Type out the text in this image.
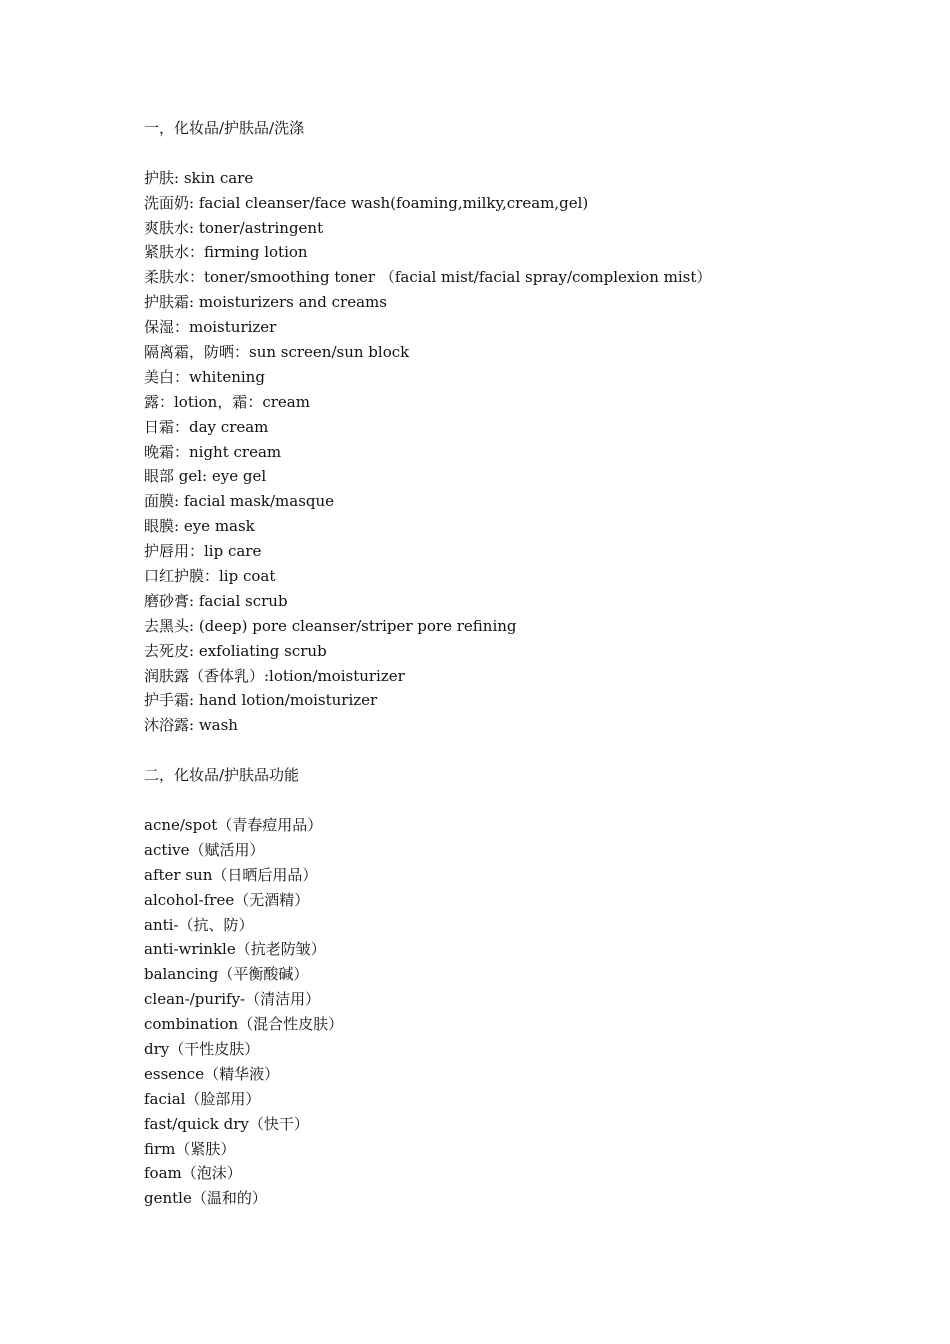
一，化妆品/护肤品/洗涤
护肤: skin care
洗面奶: facial cleanser/face wash(foaming,milky,cream,gel)
爽肤水: toner/astringent
紧肤水：firming lotion
柔肤水：toner/smoothing toner （facial mist/facial spray/complexion mist）
护肤霜: moisturizers and creams
保湿：moisturizer
隔离霜，防晒：sun screen/sun block
美白：whitening
露：lotion，霜：cream
日霜：day cream
晚霜：night cream
眼部 gel: eye gel
面膜: facial mask/masque
眼膜: eye mask
护唇用：lip care
口红护膜：lip coat
磨砂膏: facial scrub
去黑头: (deep) pore cleanser/striper pore refining
去死皮: exfoliating scrub
润肤露（香体乳）:lotion/moisturizer
护手霜: hand lotion/moisturizer
沐浴露: wash
二，化妆品/护肤品功能
acne/spot（青春痘用品）
active（赋活用）
after sun（日晒后用品）
alcohol-free（无酒精）
anti-（抗、防）
anti-wrinkle（抗老防皱）
balancing（平衡酸碱）
clean-/purify-（清洁用）
combination（混合性皮肤）
dry（干性皮肤）
essence（精华液）
facial（脸部用）
fast/quick dry（快干）
firm（紧肤）
foam（泡沫）
gentle（温和的）
